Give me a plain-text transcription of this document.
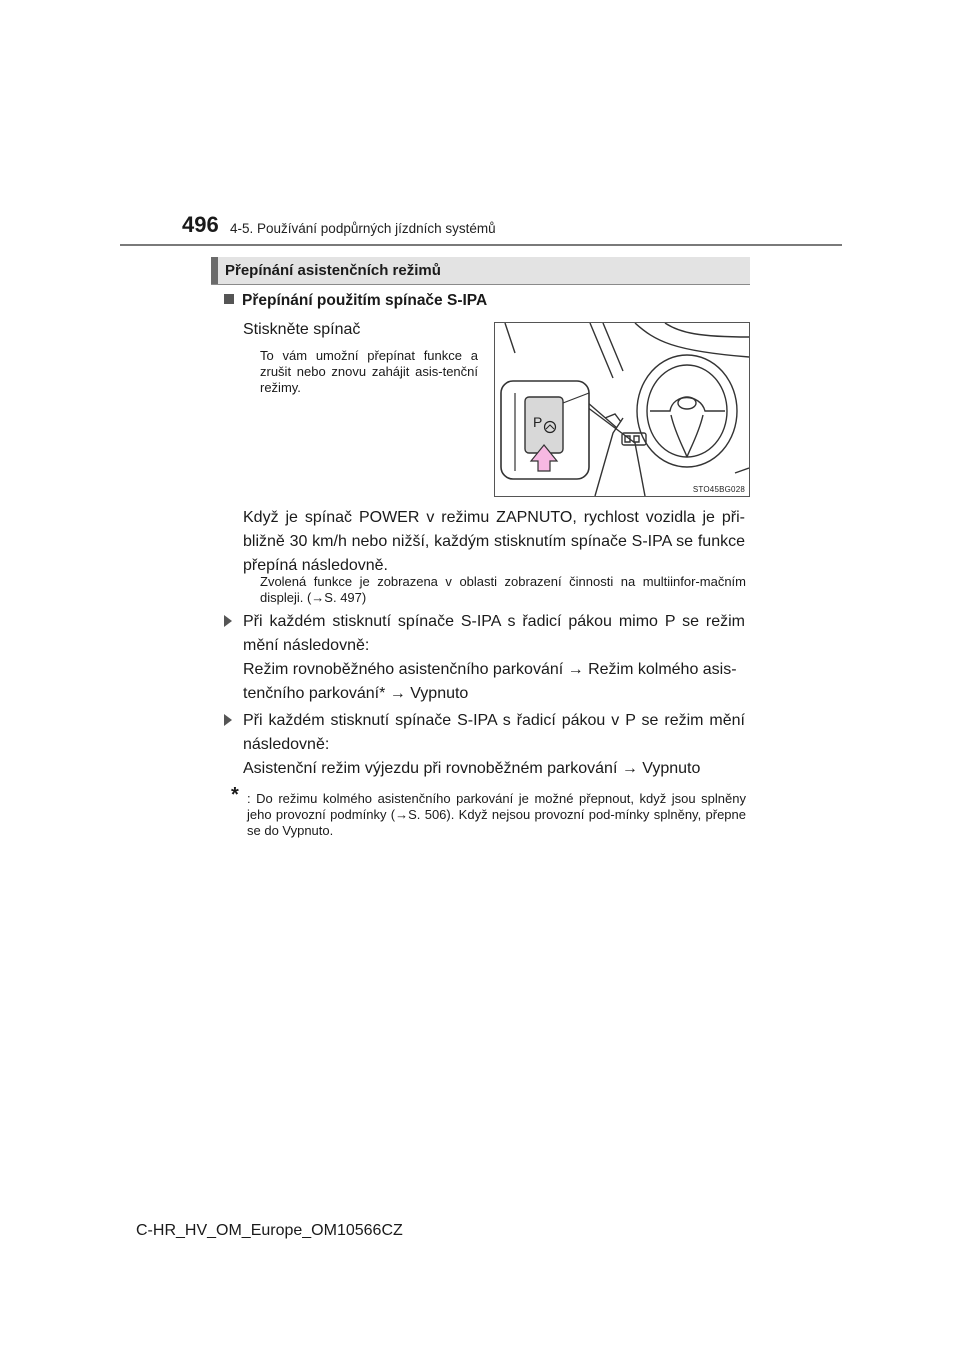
496 4-5. Používání podpůrných jízdních systémů
Přepínání asistenčních režimů
Přepínání použitím spínače S-IPA
Stiskněte spínač
To vám umožní přepínat funkce a zrušit nebo znovu zahájit asis-tenční režimy.
P
STO45BG028
Když je spínač POWER v režimu ZAPNUTO, rychlost vozidla je při-bližně 30 km/h nebo nižší, každým stisknutím spínače S-IPA se funkce přepíná následovně.
Zvolená funkce je zobrazena v oblasti zobrazení činnosti na multiinfor-mačním displeji. (→S. 497)
Při každém stisknutí spínače S-IPA s řadicí pákou mimo P se režim mění následovně:
Režim rovnoběžného asistenčního parkování → Režim kolmého asis-tenčního parkování* → Vypnuto
Při každém stisknutí spínače S-IPA s řadicí pákou v P se režim mění následovně:
Asistenční režim výjezdu při rovnoběžném parkování → Vypnuto
* : Do režimu kolmého asistenčního parkování je možné přepnout, když jsou splněny jeho provozní podmínky (→S. 506). Když nejsou provozní pod-mínky splněny, přepne se do Vypnuto.
C-HR_HV_OM_Europe_OM10566CZ
